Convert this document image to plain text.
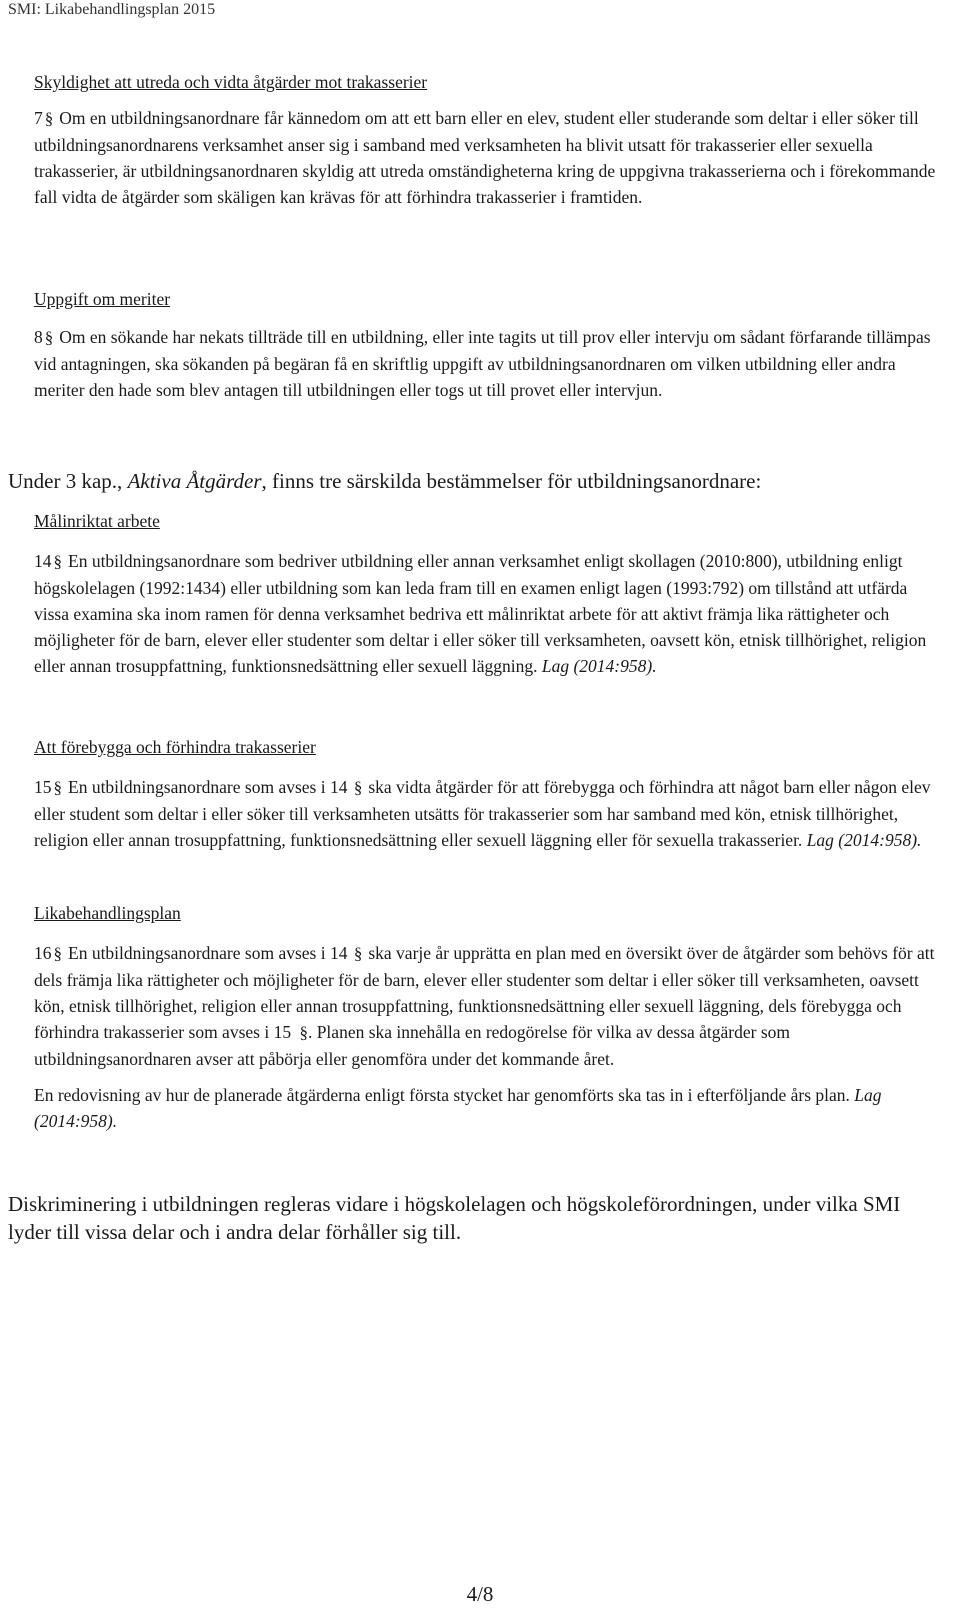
SMI: Likabehandlingsplan 2015
Skyldighet att utreda och vidta åtgärder mot trakasserier

7 § Om en utbildningsanordnare får kännedom om att ett barn eller en elev, student eller studerande som deltar i eller söker till utbildningsanordnarens verksamhet anser sig i samband med verksamheten ha blivit utsatt för trakasserier eller sexuella trakasserier, är utbildningsanordnaren skyldig att utreda omständigheterna kring de uppgivna trakasserierna och i förekommande fall vidta de åtgärder som skäligen kan krävas för att förhindra trakasserier i framtiden.

Uppgift om meriter

8 § Om en sökande har nekats tillträde till en utbildning, eller inte tagits ut till prov eller intervju om sådant förfarande tillämpas vid antagningen, ska sökanden på begäran få en skriftlig uppgift av utbildningsanordnaren om vilken utbildning eller andra meriter den hade som blev antagen till utbildningen eller togs ut till provet eller intervjun.

Under 3 kap., Aktiva Åtgärder, finns tre särskilda bestämmelser för utbildningsanordnare:
Målinriktat arbete

14 § En utbildningsanordnare som bedriver utbildning eller annan verksamhet enligt skollagen (2010:800), utbildning enligt högskolelagen (1992:1434) eller utbildning som kan leda fram till en examen enligt lagen (1993:792) om tillstånd att utfärda vissa examina ska inom ramen för denna verksamhet bedriva ett målinriktat arbete för att aktivt främja lika rättigheter och möjligheter för de barn, elever eller studenter som deltar i eller söker till verksamheten, oavsett kön, etnisk tillhörighet, religion eller annan trosuppfattning, funktionsnedsättning eller sexuell läggning. Lag (2014:958).

Att förebygga och förhindra trakasserier

15 § En utbildningsanordnare som avses i 14 § ska vidta åtgärder för att förebygga och förhindra att något barn eller någon elev eller student som deltar i eller söker till verksamheten utsätts för trakasserier som har samband med kön, etnisk tillhörighet, religion eller annan trosuppfattning, funktionsnedsättning eller sexuell läggning eller för sexuella trakasserier. Lag (2014:958).

Likabehandlingsplan

16 § En utbildningsanordnare som avses i 14 § ska varje år upprätta en plan med en översikt över de åtgärder som behövs för att dels främja lika rättigheter och möjligheter för de barn, elever eller studenter som deltar i eller söker till verksamheten, oavsett kön, etnisk tillhörighet, religion eller annan trosuppfattning, funktionsnedsättning eller sexuell läggning, dels förebygga och förhindra trakasserier som avses i 15 §. Planen ska innehålla en redogörelse för vilka av dessa åtgärder som utbildningsanordnaren avser att påbörja eller genomföra under det kommande året.

En redovisning av hur de planerade åtgärderna enligt första stycket har genomförts ska tas in i efterföljande års plan. Lag (2014:958).

Diskriminering i utbildningen regleras vidare i högskolelagen och högskoleförordningen, under vilka SMI lyder till vissa delar och i andra delar förhåller sig till.
4/8
